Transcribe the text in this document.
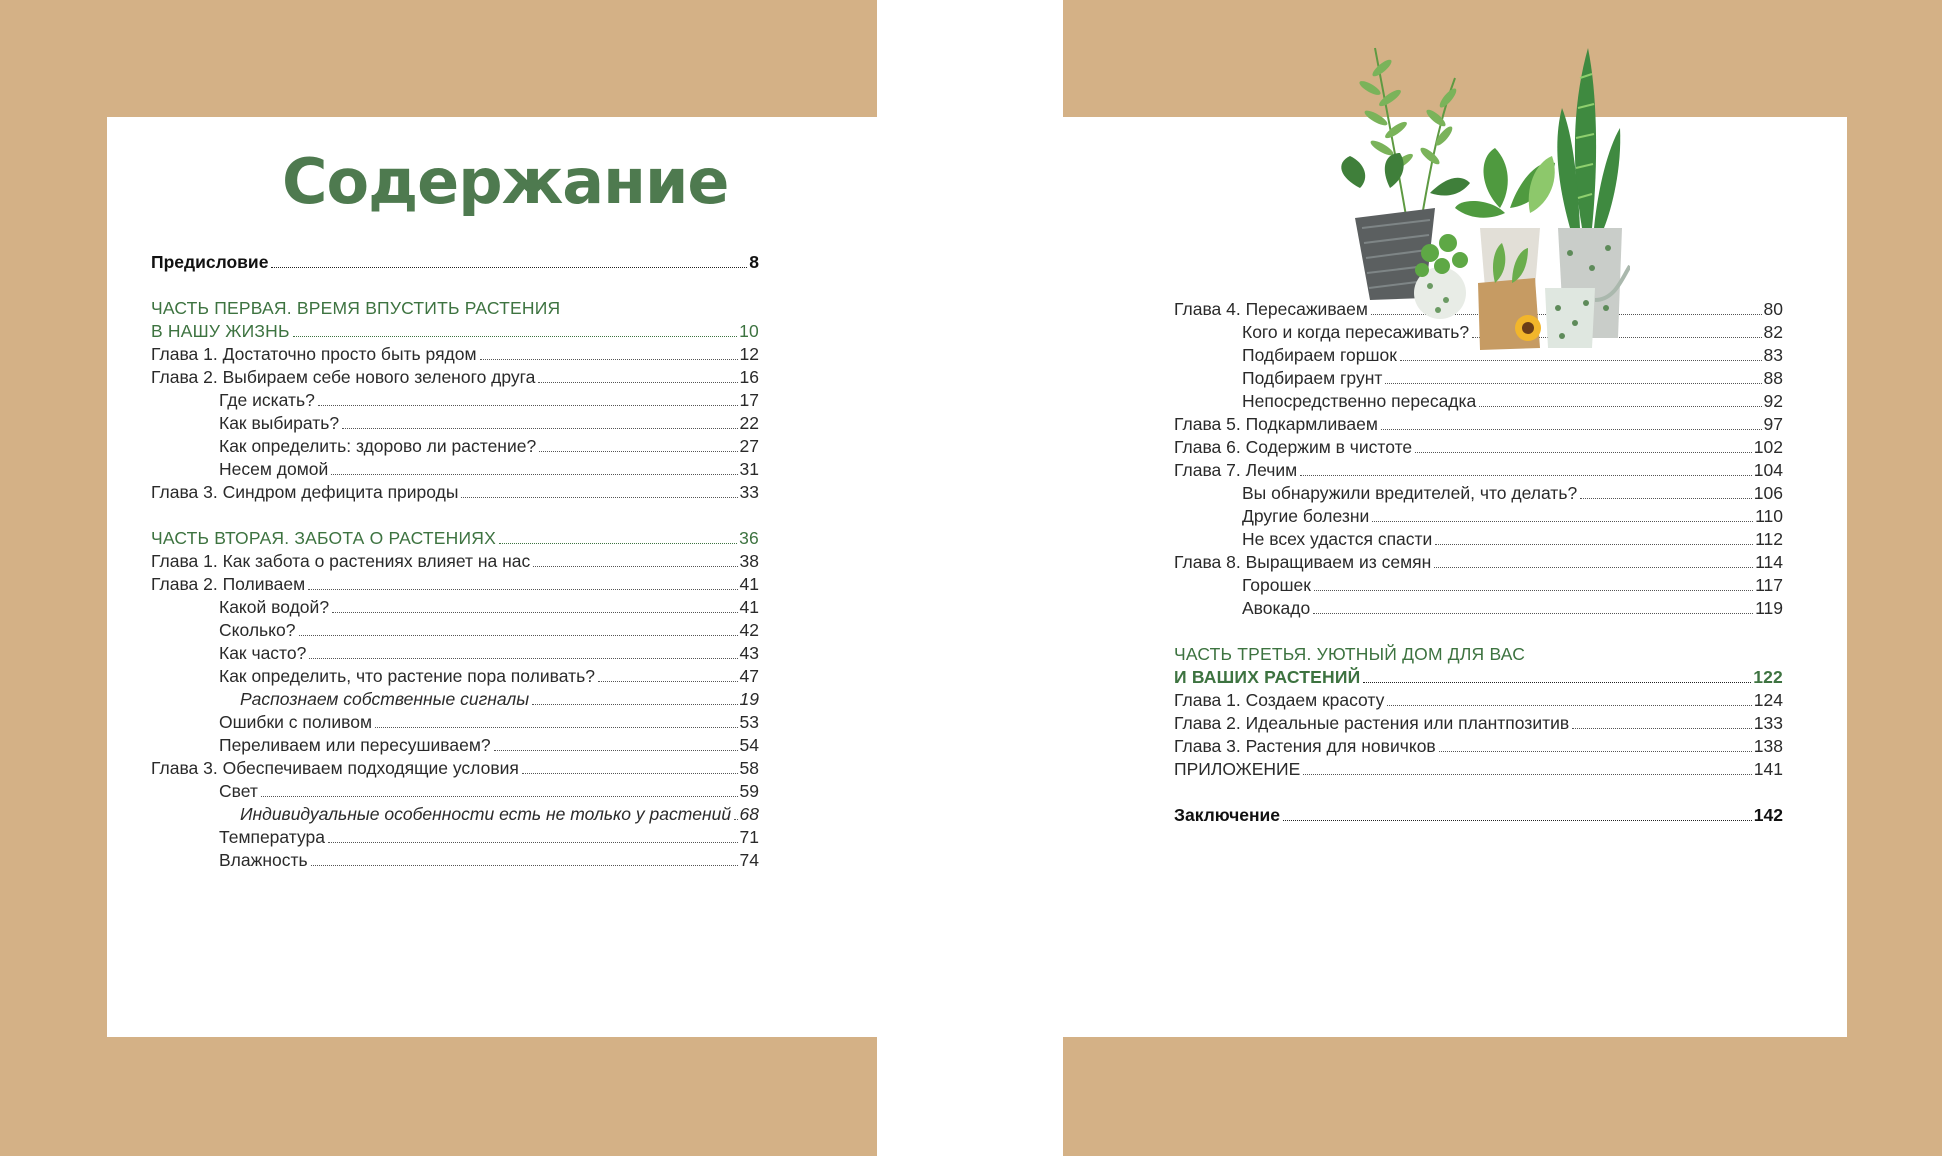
Содержание
Предисловие	8
ЧАСТЬ ПЕРВАЯ. ВРЕМЯ ВПУСТИТЬ РАСТЕНИЯ
В НАШУ ЖИЗНЬ	10
Глава 1. Достаточно просто быть рядом	12
Глава 2. Выбираем себе нового зеленого друга	16
Где искать?	17
Как выбирать?	22
Как определить: здорово ли растение?	27
Несем домой	31
Глава 3. Синдром дефицита природы	33
ЧАСТЬ ВТОРАЯ. ЗАБОТА О РАСТЕНИЯХ	36
Глава 1. Как забота о растениях влияет на нас	38
Глава 2. Поливаем	41
Какой водой?	41
Сколько?	42
Как часто?	43
Как определить, что растение пора поливать?	47
Распознаем собственные сигналы	19
Ошибки с поливом	53
Переливаем или пересушиваем?	54
Глава 3. Обеспечиваем подходящие условия	58
Свет	59
Индивидуальные особенности есть не только у растений 68
Температура	71
Влажность	74
Глава 4. Пересаживаем	80
Кого и когда пересаживать?	82
Подбираем горшок	83
Подбираем грунт	88
Непосредственно пересадка	92
Глава 5. Подкармливаем	97
Глава 6. Содержим в чистоте	102
Глава 7. Лечим	104
Вы обнаружили вредителей, что делать?	106
Другие болезни	110
Не всех удастся спасти	112
Глава 8. Выращиваем из семян	114
Горошек	117
Авокадо	119
ЧАСТЬ ТРЕТЬЯ. УЮТНЫЙ ДОМ ДЛЯ ВАС
И ВАШИХ РАСТЕНИЙ	122
Глава 1. Создаем красоту	124
Глава 2. Идеальные растения или плантпозитив	133
Глава 3. Растения для новичков	138
ПРИЛОЖЕНИЕ	141
Заключение	142
